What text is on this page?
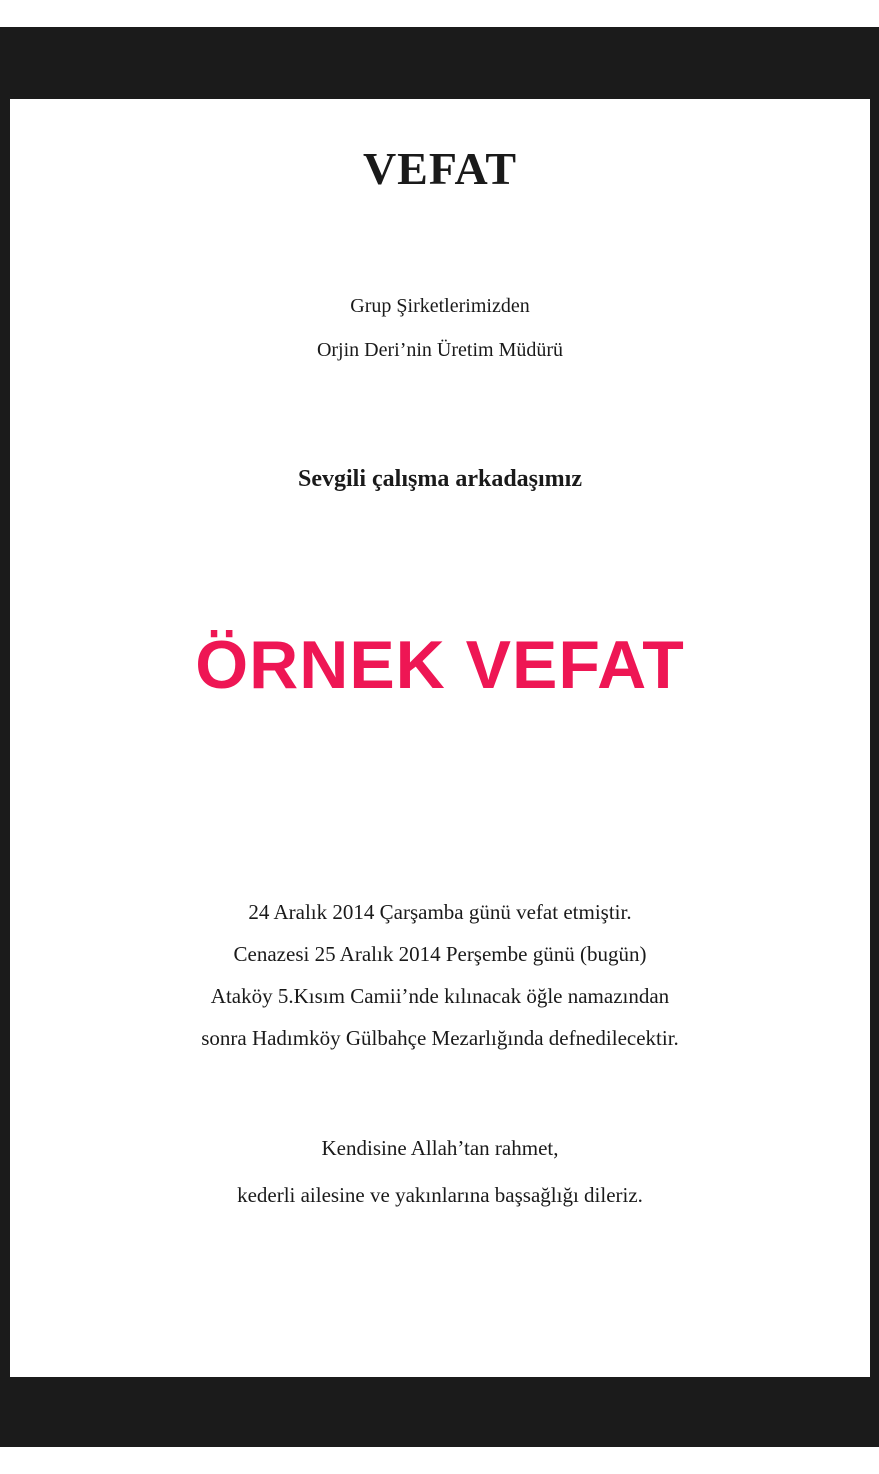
VEFAT
Grup Şirketlerimizden
Orjin Deri’nin Üretim Müdürü
Sevgili çalışma arkadaşımız
ÖRNEK VEFAT
24 Aralık 2014 Çarşamba günü vefat etmiştir.
Cenazesi 25 Aralık 2014 Perşembe günü (bugün)
Ataköy 5.Kısım Camii’nde kılınacak öğle namazından
sonra Hadımköy Gülbahçe Mezarlığında defnedilecektir.
Kendisine Allah’tan rahmet,
kederli ailesine ve yakınlarına başsağlığı dileriz.
